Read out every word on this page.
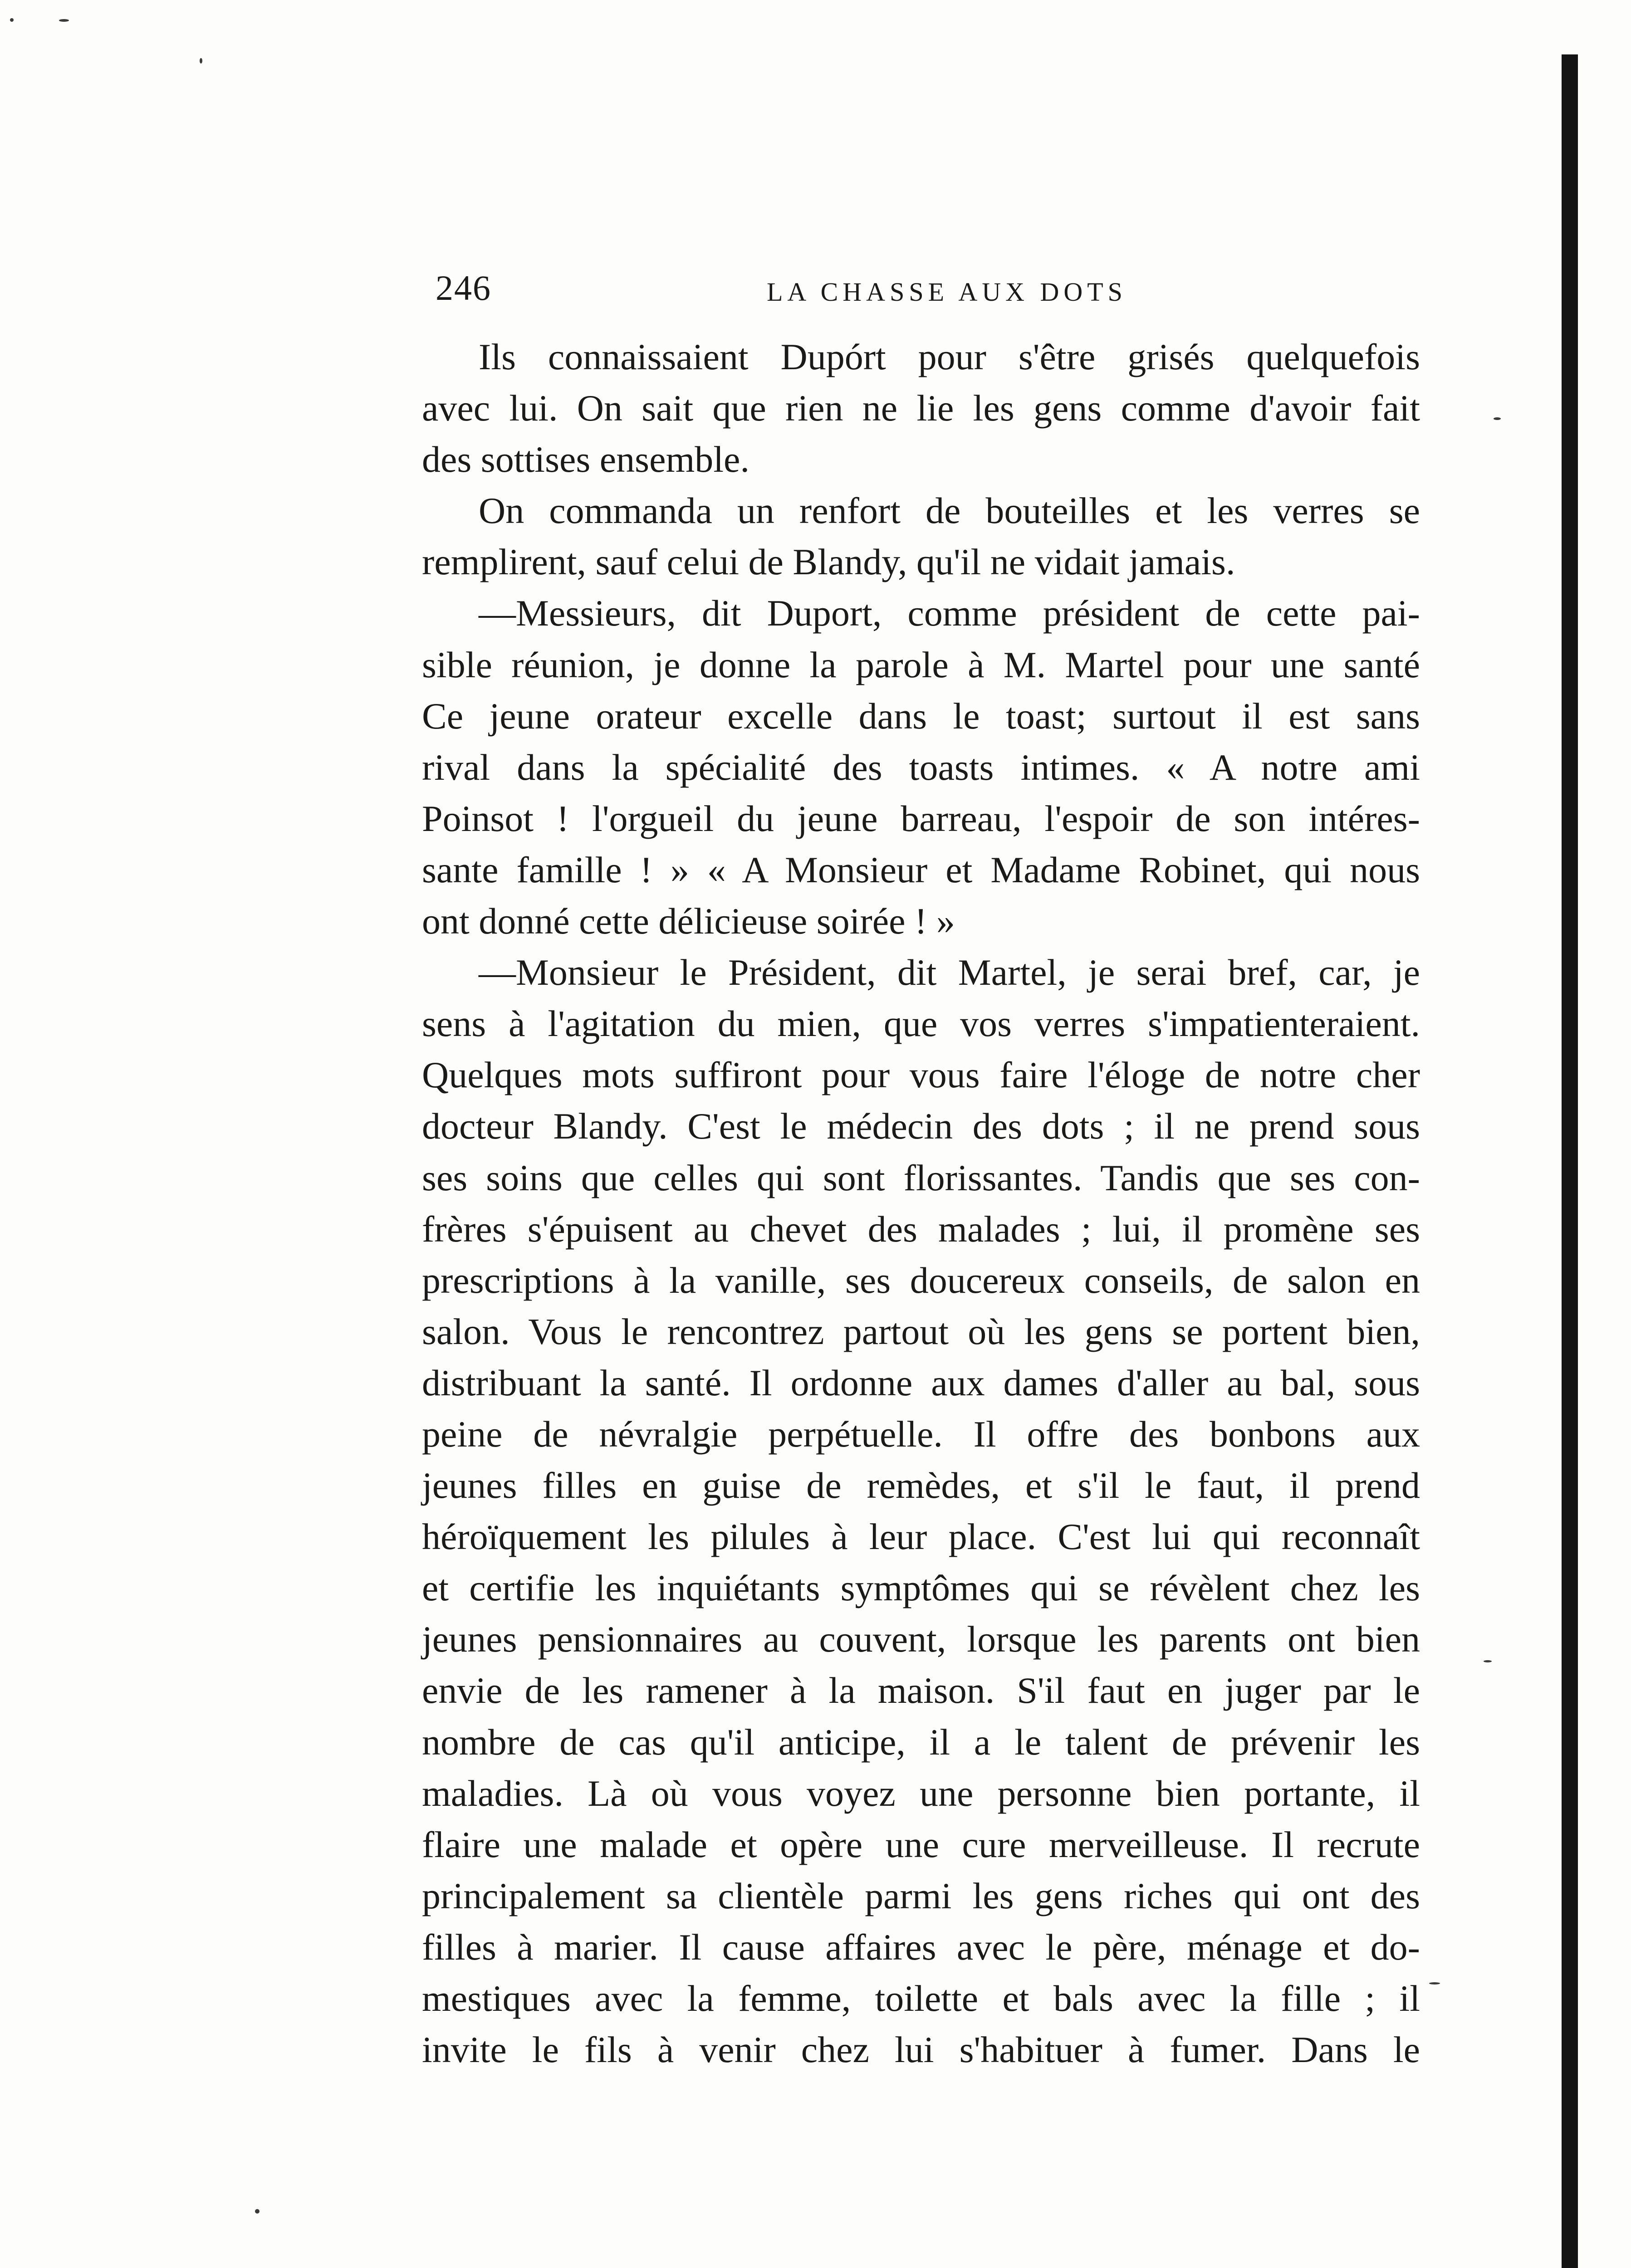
246	LA CHASSE AUX DOTS
Ils connaissaient Dupórt pour s'être grisés quelquefois
avec lui. On sait que rien ne lie les gens comme d'avoir fait
des sottises ensemble.
On commanda un renfort de bouteilles et les verres se
remplirent, sauf celui de Blandy, qu'il ne vidait jamais.
—Messieurs, dit Duport, comme président de cette pai-
sible réunion, je donne la parole à M. Martel pour une santé
Ce jeune orateur excelle dans le toast; surtout il est sans
rival dans la spécialité des toasts intimes. « A notre ami
Poinsot ! l'orgueil du jeune barreau, l'espoir de son intéres-
sante famille ! » « A Monsieur et Madame Robinet, qui nous
ont donné cette délicieuse soirée ! »
—Monsieur le Président, dit Martel, je serai bref, car, je
sens à l'agitation du mien, que vos verres s'impatienteraient.
Quelques mots suffiront pour vous faire l'éloge de notre cher
docteur Blandy. C'est le médecin des dots ; il ne prend sous
ses soins que celles qui sont florissantes. Tandis que ses con-
frères s'épuisent au chevet des malades ; lui, il promène ses
prescriptions à la vanille, ses doucereux conseils, de salon en
salon. Vous le rencontrez partout où les gens se portent bien,
distribuant la santé. Il ordonne aux dames d'aller au bal, sous
peine de névralgie perpétuelle. Il offre des bonbons aux
jeunes filles en guise de remèdes, et s'il le faut, il prend
héroïquement les pilules à leur place. C'est lui qui reconnaît
et certifie les inquiétants symptômes qui se révèlent chez les
jeunes pensionnaires au couvent, lorsque les parents ont bien
envie de les ramener à la maison. S'il faut en juger par le
nombre de cas qu'il anticipe, il a le talent de prévenir les
maladies. Là où vous voyez une personne bien portante, il
flaire une malade et opère une cure merveilleuse. Il recrute
principalement sa clientèle parmi les gens riches qui ont des
filles à marier. Il cause affaires avec le père, ménage et do-
mestiques avec la femme, toilette et bals avec la fille ; il
invite le fils à venir chez lui s'habituer à fumer. Dans le
